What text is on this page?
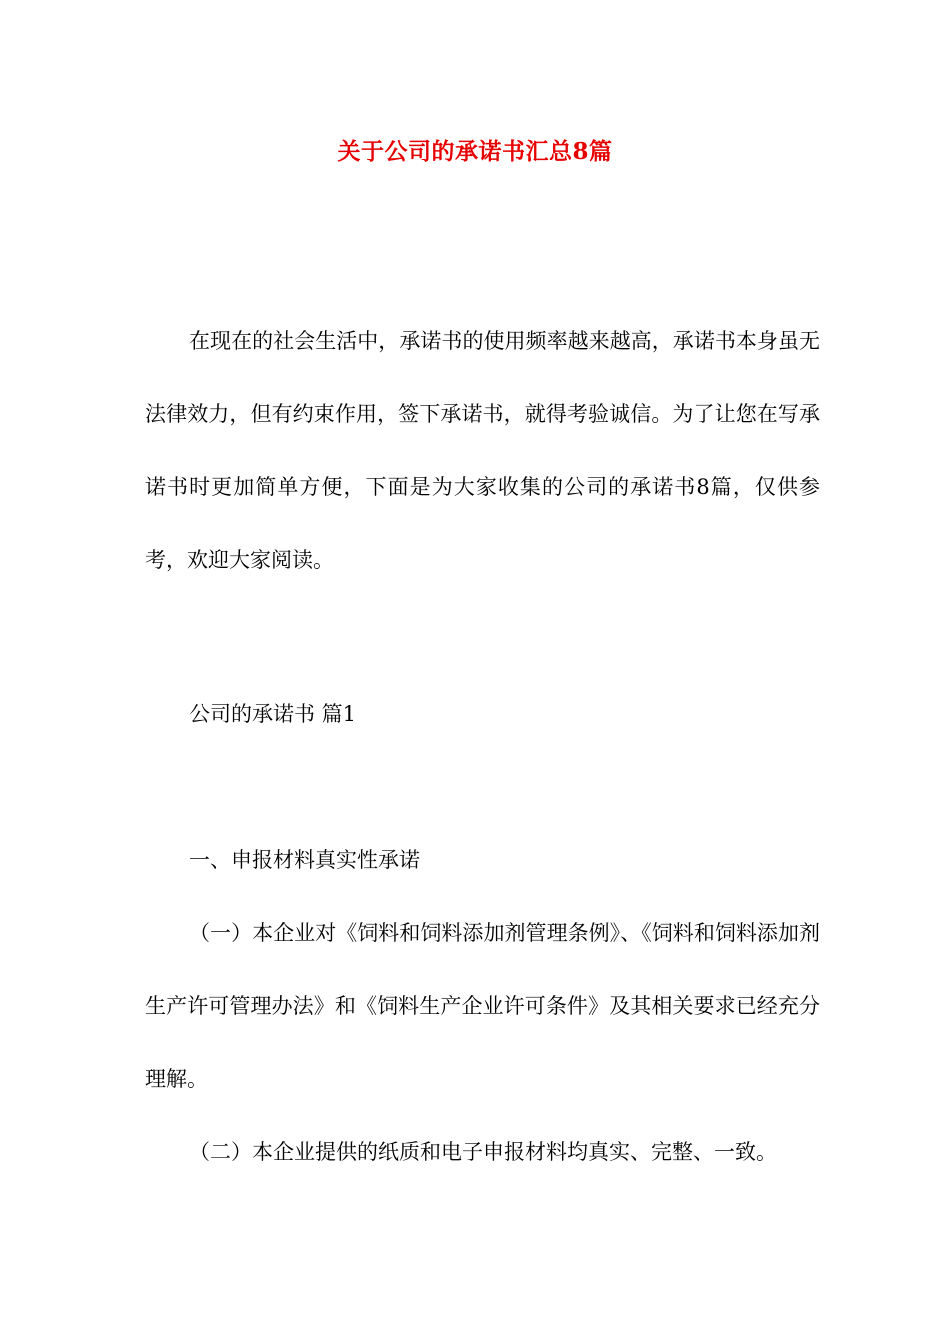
关于公司的承诺书汇总8篇

在现在的社会生活中，承诺书的使用频率越来越高，承诺书本身虽无法律效力，但有约束作用，签下承诺书，就得考验诚信。为了让您在写承诺书时更加简单方便，下面是为大家收集的公司的承诺书8篇，仅供参考，欢迎大家阅读。

公司的承诺书 篇1

一、申报材料真实性承诺

（一）本企业对《饲料和饲料添加剂管理条例》、《饲料和饲料添加剂生产许可管理办法》和《饲料生产企业许可条件》及其相关要求已经充分理解。

（二）本企业提供的纸质和电子申报材料均真实、完整、一致。
